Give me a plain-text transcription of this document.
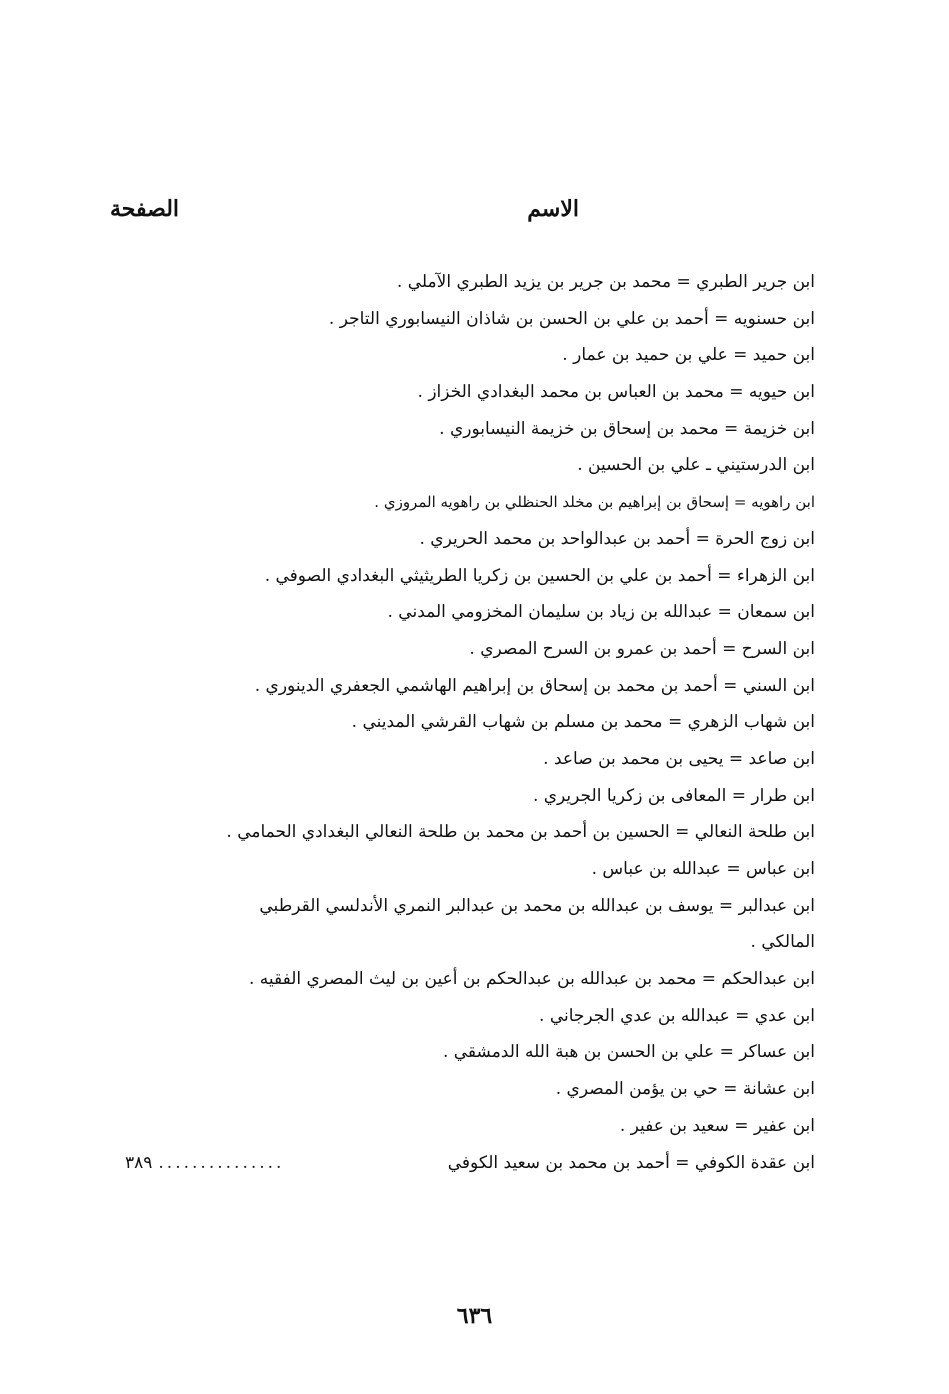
الاسم
الصفحة
ابن جرير الطبري = محمد بن جرير بن يزيد الطبري الآملي .
ابن حسنويه = أحمد بن علي بن الحسن بن شاذان النيسابوري التاجر .
ابن حميد = علي بن حميد بن عمار .
ابن حيويه = محمد بن العباس بن محمد البغدادي الخزاز .
ابن خزيمة = محمد بن إسحاق بن خزيمة النيسابوري .
ابن الدرستيني ـ علي بن الحسين .
ابن راهويه = إسحاق بن إبراهيم بن مخلد الحنظلي بن راهويه المروزي .
ابن زوج الحرة = أحمد بن عبدالواحد بن محمد الحريري .
ابن الزهراء = أحمد بن علي بن الحسين بن زكريا الطريثيثي البغدادي الصوفي .
ابن سمعان = عبدالله بن زياد بن سليمان المخزومي المدني .
ابن السرح = أحمد بن عمرو بن السرح المصري .
ابن السني = أحمد بن محمد بن إسحاق بن إبراهيم الهاشمي الجعفري الدينوري .
ابن شهاب الزهري = محمد بن مسلم بن شهاب القرشي المديني .
ابن صاعد = يحيى بن محمد بن صاعد .
ابن طرار = المعافى بن زكريا الجريري .
ابن طلحة النعالي = الحسين بن أحمد بن محمد بن طلحة النعالي البغدادي الحمامي .
ابن عباس = عبدالله بن عباس .
ابن عبدالبر = يوسف بن عبدالله بن محمد بن عبدالبر النمري الأندلسي القرطبي
المالكي .
ابن عبدالحكم = محمد بن عبدالله بن عبدالحكم بن أعين بن ليث المصري الفقيه .
ابن عدي = عبدالله بن عدي الجرجاني .
ابن عساكر = علي بن الحسن بن هبة الله الدمشقي .
ابن عشانة = حي بن يؤمن المصري .
ابن عفير = سعيد بن عفير .
ابن عقدة الكوفي = أحمد بن محمد بن سعيد الكوفي
...............
٣٨٩
٦٣٦
